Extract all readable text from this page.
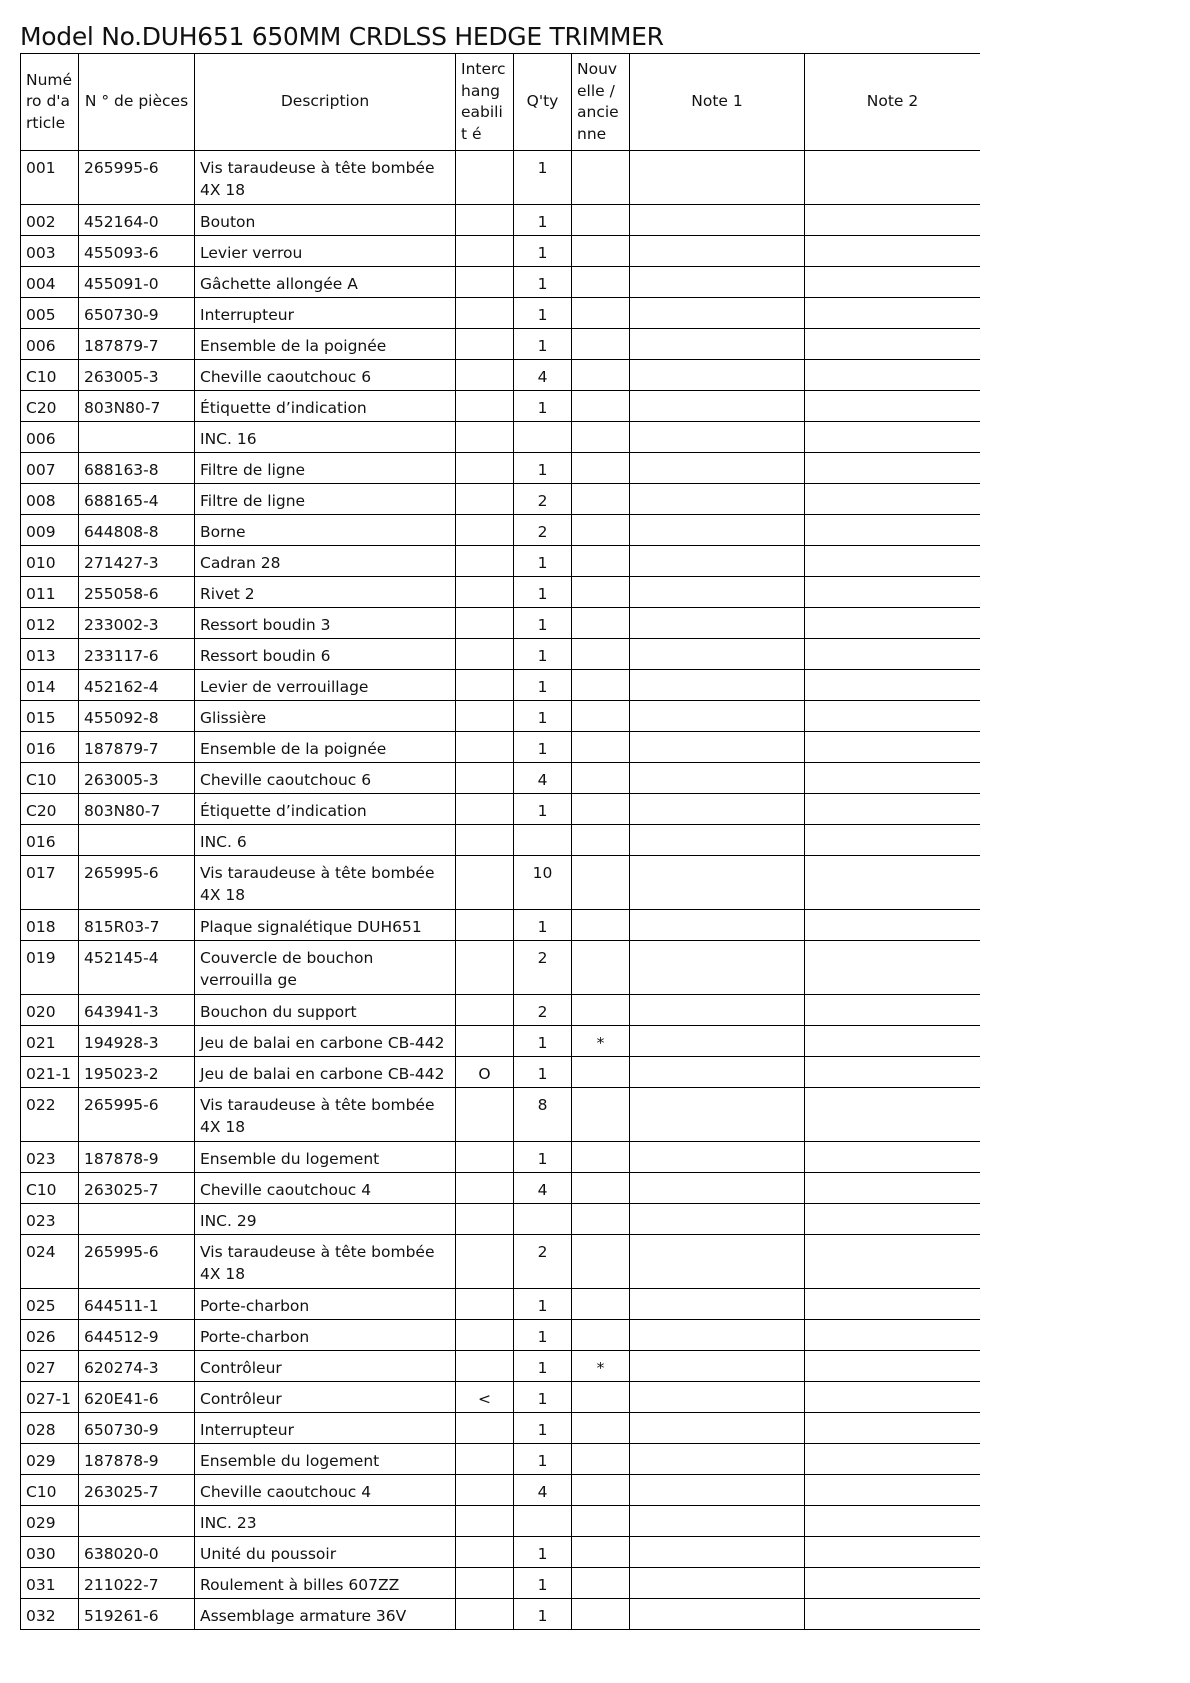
Model No.DUH651 650MM CRDLSS HEDGE TRIMMER
Numé ro d'a rticle	N ° de pièces	Description	Interc hang eabilit é	Q'ty	Nouv elle / ancie nne	Note 1	Note 2
001	265995-6	Vis taraudeuse à tête bombée 4X 18		1			
002	452164-0	Bouton		1			
003	455093-6	Levier verrou		1			
004	455091-0	Gâchette allongée A		1			
005	650730-9	Interrupteur		1			
006	187879-7	Ensemble de la poignée		1			
C10	263005-3	Cheville caoutchouc 6		4			
C20	803N80-7	Étiquette d’indication		1			
006		INC. 16					
007	688163-8	Filtre de ligne		1			
008	688165-4	Filtre de ligne		2			
009	644808-8	Borne		2			
010	271427-3	Cadran 28		1			
011	255058-6	Rivet 2		1			
012	233002-3	Ressort boudin 3		1			
013	233117-6	Ressort boudin 6		1			
014	452162-4	Levier de verrouillage		1			
015	455092-8	Glissière		1			
016	187879-7	Ensemble de la poignée		1			
C10	263005-3	Cheville caoutchouc 6		4			
C20	803N80-7	Étiquette d’indication		1			
016		INC. 6					
017	265995-6	Vis taraudeuse à tête bombée 4X 18		10			
018	815R03-7	Plaque signalétique DUH651		1			
019	452145-4	Couvercle de bouchon verrouilla ge		2			
020	643941-3	Bouchon du support		2			
021	194928-3	Jeu de balai en carbone CB-442		1	*		
021-1	195023-2	Jeu de balai en carbone CB-442	O	1			
022	265995-6	Vis taraudeuse à tête bombée 4X 18		8			
023	187878-9	Ensemble du logement		1			
C10	263025-7	Cheville caoutchouc 4		4			
023		INC. 29					
024	265995-6	Vis taraudeuse à tête bombée 4X 18		2			
025	644511-1	Porte-charbon		1			
026	644512-9	Porte-charbon		1			
027	620274-3	Contrôleur		1	*		
027-1	620E41-6	Contrôleur	<	1			
028	650730-9	Interrupteur		1			
029	187878-9	Ensemble du logement		1			
C10	263025-7	Cheville caoutchouc 4		4			
029		INC. 23					
030	638020-0	Unité du poussoir		1			
031	211022-7	Roulement à billes 607ZZ		1			
032	519261-6	Assemblage armature 36V		1			
